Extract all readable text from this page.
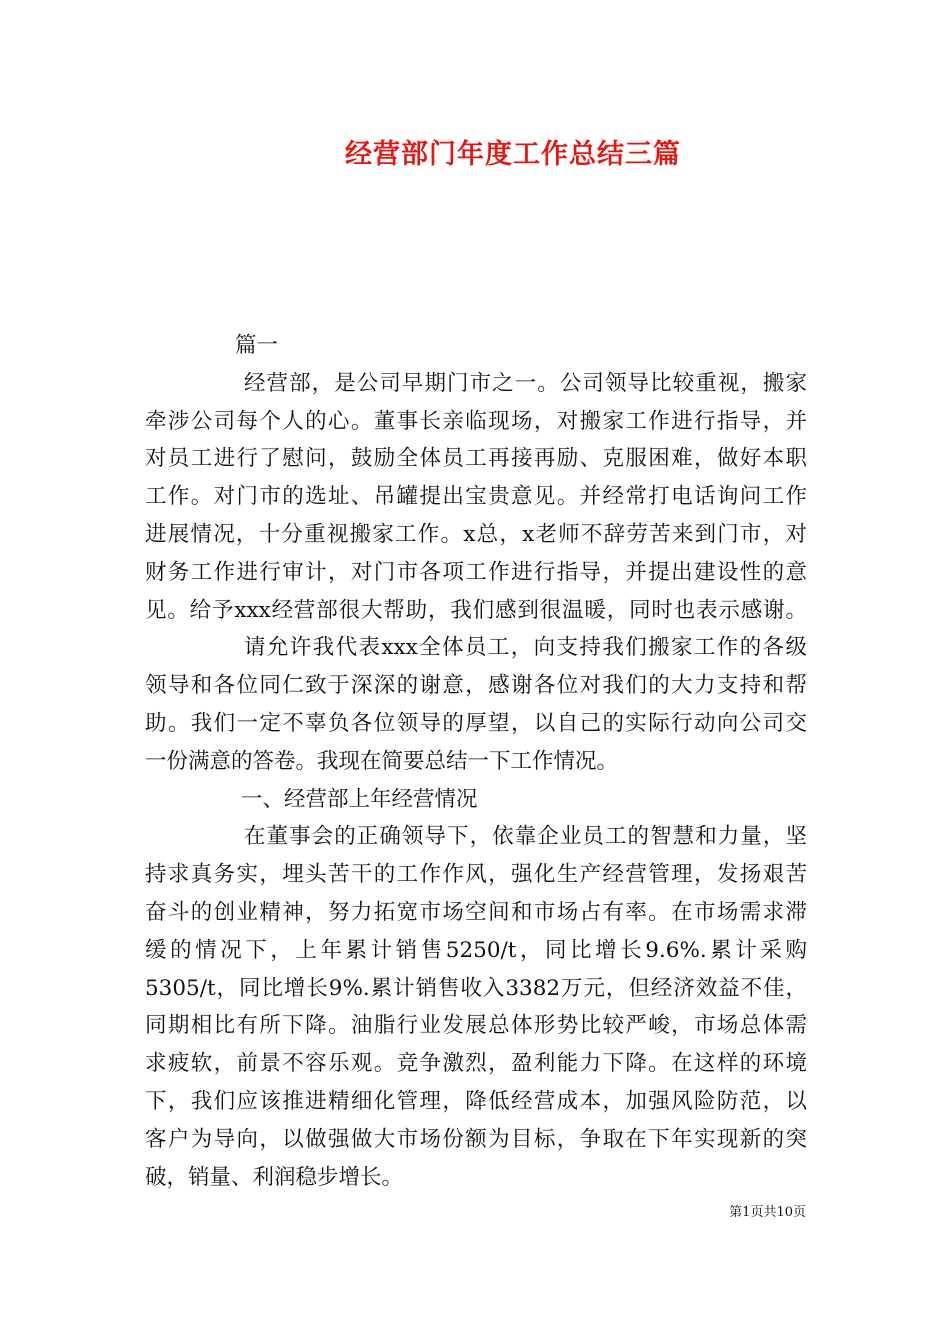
经营部门年度工作总结三篇
篇一
经营部，是公司早期门市之一。公司领导比较重视，搬家
牵涉公司每个人的心。董事长亲临现场，对搬家工作进行指导，并
对员工进行了慰问，鼓励全体员工再接再励、克服困难，做好本职
工作。对门市的选址、吊罐提出宝贵意见。并经常打电话询问工作
进展情况，十分重视搬家工作。x总，x老师不辞劳苦来到门市，对
财务工作进行审计，对门市各项工作进行指导，并提出建设性的意
见。给予xxx经营部很大帮助，我们感到很温暖，同时也表示感谢。
请允许我代表xxx全体员工，向支持我们搬家工作的各级
领导和各位同仁致于深深的谢意，感谢各位对我们的大力支持和帮
助。我们一定不辜负各位领导的厚望，以自己的实际行动向公司交
一份满意的答卷。我现在简要总结一下工作情况。
一、经营部上年经营情况
在董事会的正确领导下，依靠企业员工的智慧和力量，坚
持求真务实，埋头苦干的工作作风，强化生产经营管理，发扬艰苦
奋斗的创业精神，努力拓宽市场空间和市场占有率。在市场需求滞
缓的情况下，上年累计销售5250/t，同比增长9.6%.累计采购
5305/t，同比增长9%.累计销售收入3382万元，但经济效益不佳，
同期相比有所下降。油脂行业发展总体形势比较严峻，市场总体需
求疲软，前景不容乐观。竞争激烈，盈利能力下降。在这样的环境
下，我们应该推进精细化管理，降低经营成本，加强风险防范，以
客户为导向，以做强做大市场份额为目标，争取在下年实现新的突
破，销量、利润稳步增长。
第1页共10页
